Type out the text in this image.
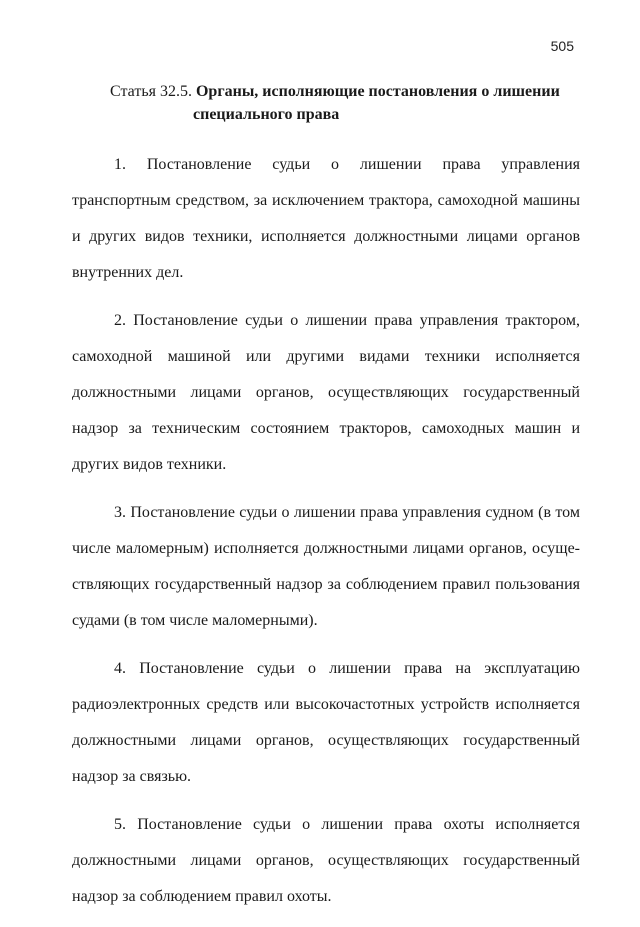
505
Статья 32.5. Органы, исполняющие постановления о лишении
специального права

1. Постановление судьи о лишении права управления транспортным средством, за исключением трактора, самоходной машины и других видов техники, исполняется должностными лицами органов внутренних дел.

2. Постановление судьи о лишении права управления трактором, самоходной машиной или другими видами техники исполняется должностными лицами органов, осуществляющих государственный надзор за техническим состоянием тракторов, самоходных машин и других видов техники.

3. Постановление судьи о лишении права управления судном (в том числе маломерным) исполняется должностными лицами органов, осуществляющих государственный надзор за соблюдением правил пользования судами (в том числе маломерными).

4. Постановление судьи о лишении права на эксплуатацию радиоэлектронных средств или высокочастотных устройств исполняется должностными лицами органов, осуществляющих государственный надзор за связью.

5. Постановление судьи о лишении права охоты исполняется должностными лицами органов, осуществляющих государственный надзор за соблюдением правил охоты.
